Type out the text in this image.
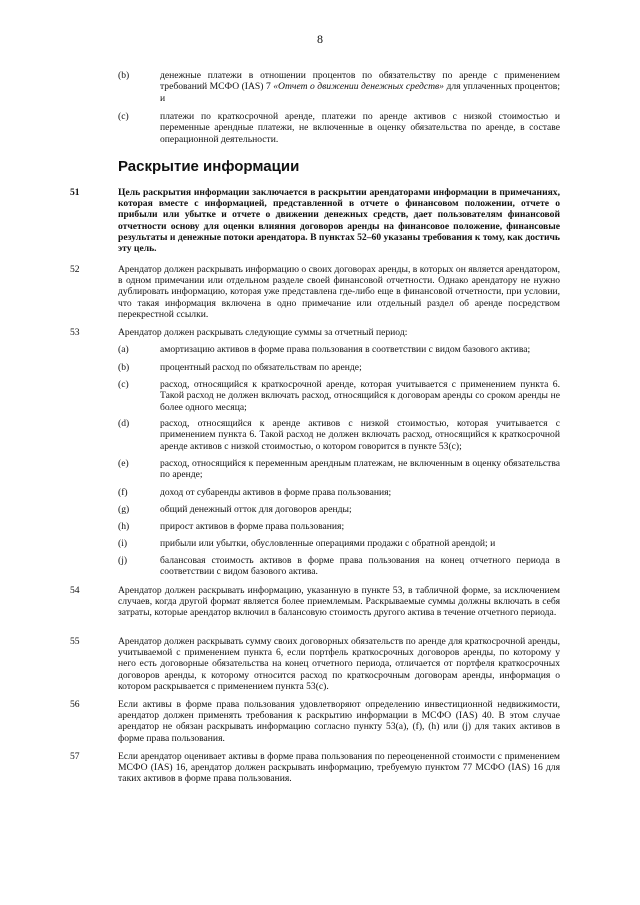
8
(b)	денежные платежи в отношении процентов по обязательству по аренде с применением требований МСФО (IAS) 7 «Отчет о движении денежных средств» для уплаченных процентов; и
(c)	платежи по краткосрочной аренде, платежи по аренде активов с низкой стоимостью и переменные арендные платежи, не включенные в оценку обязательства по аренде, в составе операционной деятельности.
Раскрытие информации
51	Цель раскрытия информации заключается в раскрытии арендаторами информации в примечаниях, которая вместе с информацией, представленной в отчете о финансовом положении, отчете о прибыли или убытке и отчете о движении денежных средств, дает пользователям финансовой отчетности основу для оценки влияния договоров аренды на финансовое положение, финансовые результаты и денежные потоки арендатора. В пунктах 52–60 указаны требования к тому, как достичь эту цель.
52	Арендатор должен раскрывать информацию о своих договорах аренды, в которых он является арендатором, в одном примечании или отдельном разделе своей финансовой отчетности. Однако арендатору не нужно дублировать информацию, которая уже представлена где-либо еще в финансовой отчетности, при условии, что такая информация включена в одно примечание или отдельный раздел об аренде посредством перекрестной ссылки.
53	Арендатор должен раскрывать следующие суммы за отчетный период:
(a)	амортизацию активов в форме права пользования в соответствии с видом базового актива;
(b)	процентный расход по обязательствам по аренде;
(c)	расход, относящийся к краткосрочной аренде, которая учитывается с применением пункта 6. Такой расход не должен включать расход, относящийся к договорам аренды со сроком аренды не более одного месяца;
(d)	расход, относящийся к аренде активов с низкой стоимостью, которая учитывается с применением пункта 6. Такой расход не должен включать расход, относящийся к краткосрочной аренде активов с низкой стоимостью, о котором говорится в пункте 53(c);
(e)	расход, относящийся к переменным арендным платежам, не включенным в оценку обязательства по аренде;
(f)	доход от субаренды активов в форме права пользования;
(g)	общий денежный отток для договоров аренды;
(h)	прирост активов в форме права пользования;
(i)	прибыли или убытки, обусловленные операциями продажи с обратной арендой; и
(j)	балансовая стоимость активов в форме права пользования на конец отчетного периода в соответствии с видом базового актива.
54	Арендатор должен раскрывать информацию, указанную в пункте 53, в табличной форме, за исключением случаев, когда другой формат является более приемлемым. Раскрываемые суммы должны включать в себя затраты, которые арендатор включил в балансовую стоимость другого актива в течение отчетного периода.
55	Арендатор должен раскрывать сумму своих договорных обязательств по аренде для краткосрочной аренды, учитываемой с применением пункта 6, если портфель краткосрочных договоров аренды, по которому у него есть договорные обязательства на конец отчетного периода, отличается от портфеля краткосрочных договоров аренды, к которому относится расход по краткосрочным договорам аренды, информация о котором раскрывается с применением пункта 53(c).
56	Если активы в форме права пользования удовлетворяют определению инвестиционной недвижимости, арендатор должен применять требования к раскрытию информации в МСФО (IAS) 40. В этом случае арендатор не обязан раскрывать информацию согласно пункту 53(a), (f), (h) или (j) для таких активов в форме права пользования.
57	Если арендатор оценивает активы в форме права пользования по переоцененной стоимости с применением МСФО (IAS) 16, арендатор должен раскрывать информацию, требуемую пунктом 77 МСФО (IAS) 16 для таких активов в форме права пользования.
